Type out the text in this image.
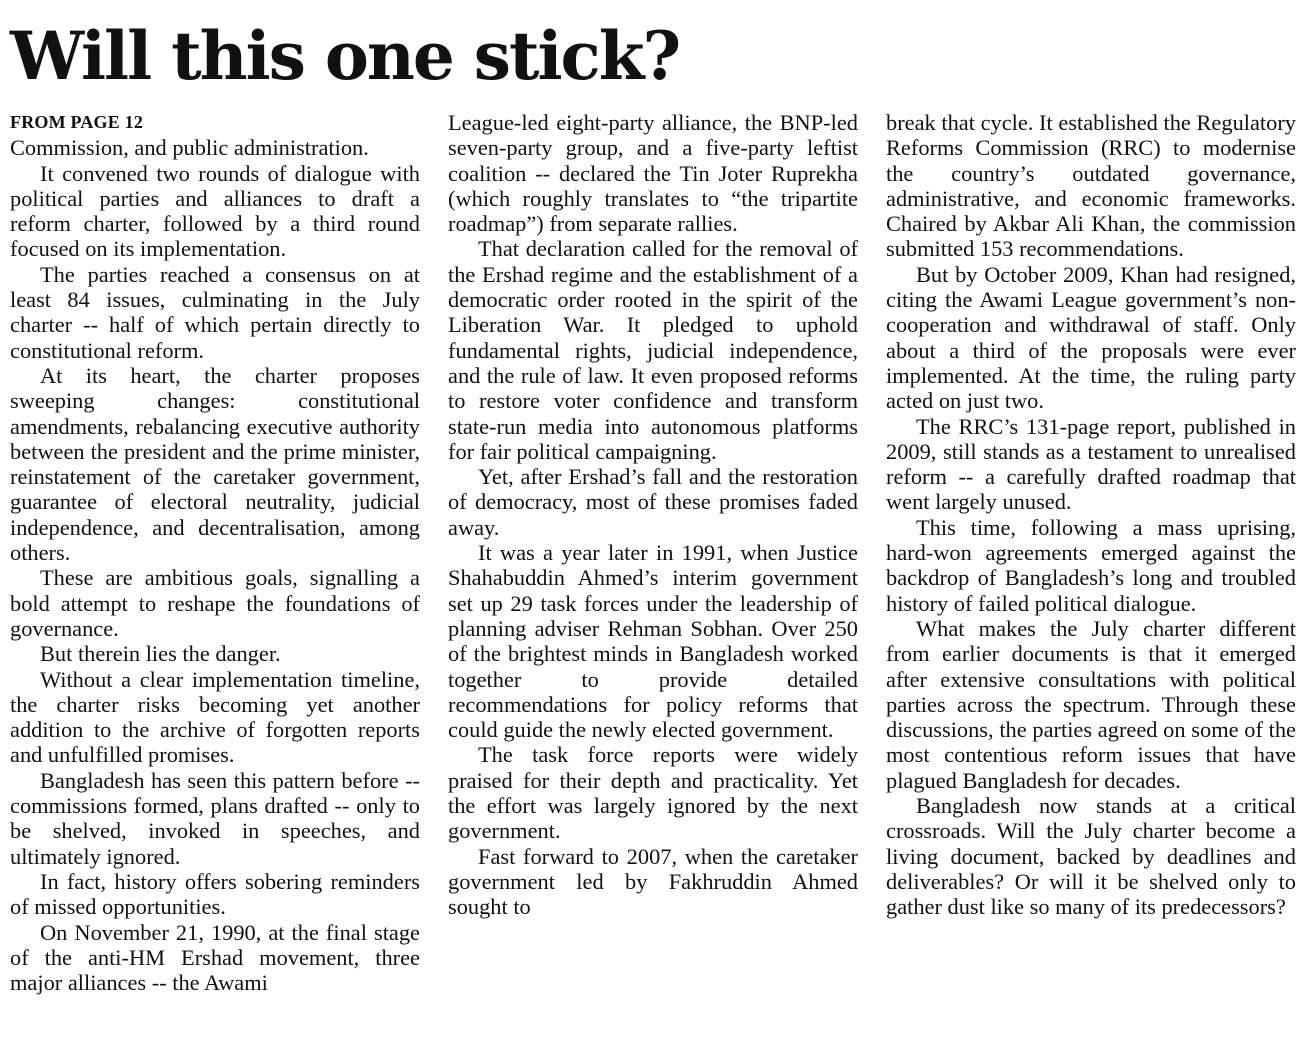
Will this one stick?
FROM PAGE 12

Commission, and public administration.

It convened two rounds of dialogue with political parties and alliances to draft a reform charter, followed by a third round focused on its implementation.

The parties reached a consensus on at least 84 issues, culminating in the July charter -- half of which pertain directly to constitutional reform.

At its heart, the charter proposes sweeping changes: constitutional amendments, rebalancing executive authority between the president and the prime minister, reinstatement of the caretaker government, guarantee of electoral neutrality, judicial independence, and decentralisation, among others.

These are ambitious goals, signalling a bold attempt to reshape the foundations of governance.

But therein lies the danger.

Without a clear implementation timeline, the charter risks becoming yet another addition to the archive of forgotten reports and unfulfilled promises.

Bangladesh has seen this pattern before -- commissions formed, plans drafted -- only to be shelved, invoked in speeches, and ultimately ignored.

In fact, history offers sobering reminders of missed opportunities.

On November 21, 1990, at the final stage of the anti-HM Ershad movement, three major alliances -- the Awami

League-led eight-party alliance, the BNP-led seven-party group, and a five-party leftist coalition -- declared the Tin Joter Ruprekha (which roughly translates to “the tripartite roadmap”) from separate rallies.

That declaration called for the removal of the Ershad regime and the establishment of a democratic order rooted in the spirit of the Liberation War. It pledged to uphold fundamental rights, judicial independence, and the rule of law. It even proposed reforms to restore voter confidence and transform state-run media into autonomous platforms for fair political campaigning.

Yet, after Ershad’s fall and the restoration of democracy, most of these promises faded away.

It was a year later in 1991, when Justice Shahabuddin Ahmed’s interim government set up 29 task forces under the leadership of planning adviser Rehman Sobhan. Over 250 of the brightest minds in Bangladesh worked together to provide detailed recommendations for policy reforms that could guide the newly elected government.

The task force reports were widely praised for their depth and practicality. Yet the effort was largely ignored by the next government.

Fast forward to 2007, when the caretaker government led by Fakhruddin Ahmed sought to

break that cycle. It established the Regulatory Reforms Commission (RRC) to modernise the country’s outdated governance, administrative, and economic frameworks. Chaired by Akbar Ali Khan, the commission submitted 153 recommendations.

But by October 2009, Khan had resigned, citing the Awami League government’s non-cooperation and withdrawal of staff. Only about a third of the proposals were ever implemented. At the time, the ruling party acted on just two.

The RRC’s 131-page report, published in 2009, still stands as a testament to unrealised reform -- a carefully drafted roadmap that went largely unused.

This time, following a mass uprising, hard-won agreements emerged against the backdrop of Bangladesh’s long and troubled history of failed political dialogue.

What makes the July charter different from earlier documents is that it emerged after extensive consultations with political parties across the spectrum. Through these discussions, the parties agreed on some of the most contentious reform issues that have plagued Bangladesh for decades.

Bangladesh now stands at a critical crossroads. Will the July charter become a living document, backed by deadlines and deliverables? Or will it be shelved only to gather dust like so many of its predecessors?
